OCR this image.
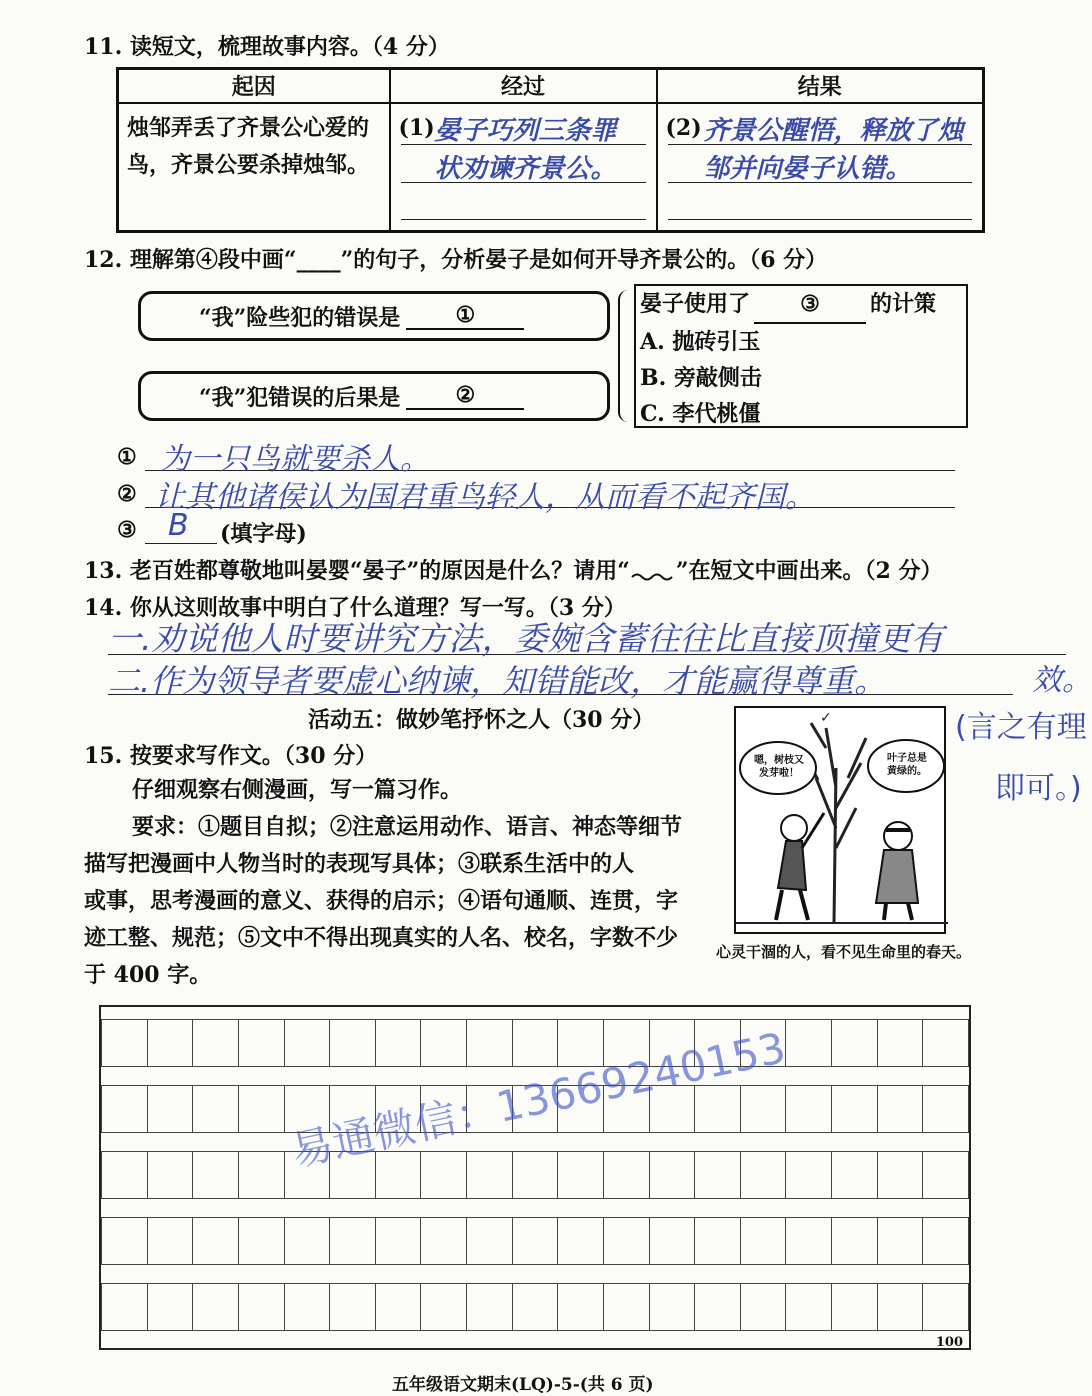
11. 读短文，梳理故事内容。（4 分）
起因	经过	结果
烛邹弄丢了齐景公心爱的鸟，齐景公要杀掉烛邹。	(1) 晏子巧列三条罪状劝谏齐景公。	(2) 齐景公醒悟，释放了烛邹并向晏子认错。
12. 理解第④段中画“____”的句子，分析晏子是如何开导齐景公的。（6 分）
“我”险些犯的错误是	①
“我”犯错误的后果是	②
晏子使用了 ③ 的计策
A. 抛砖引玉
B. 旁敲侧击
C. 李代桃僵
① 为一只鸟就要杀人。
② 让其他诸侯认为国君重鸟轻人，从而看不起齐国。
③ B (填字母)
13. 老百姓都尊敬地叫晏婴“晏子”的原因是什么？请用“ ”在短文中画出来。（2 分）
14. 你从这则故事中明白了什么道理？写一写。（3 分）
一.劝说他人时要讲究方法，委婉含蓄往往比直接顶撞更有
效。
二.作为领导者要虚心纳谏，知错能改，才能赢得尊重。
(言之有理
即可。)
活动五：做妙笔抒怀之人（30 分）
15. 按要求写作文。（30 分）
仔细观察右侧漫画，写一篇习作。
要求：①题目自拟；②注意运用动作、语言、神态等细节
描写把漫画中人物当时的表现写具体；③联系生活中的人
或事，思考漫画的意义、获得的启示；④语句通顺、连贯，字
迹工整、规范；⑤文中不得出现真实的人名、校名，字数不少
于 400 字。
✓
嗯，树枝又
发芽啦！
叶子总是
黄绿的。
心灵干涸的人，看不见生命里的春天。
100
易通微信：13669240153
五年级语文期末(LQ)-5-(共 6 页)
